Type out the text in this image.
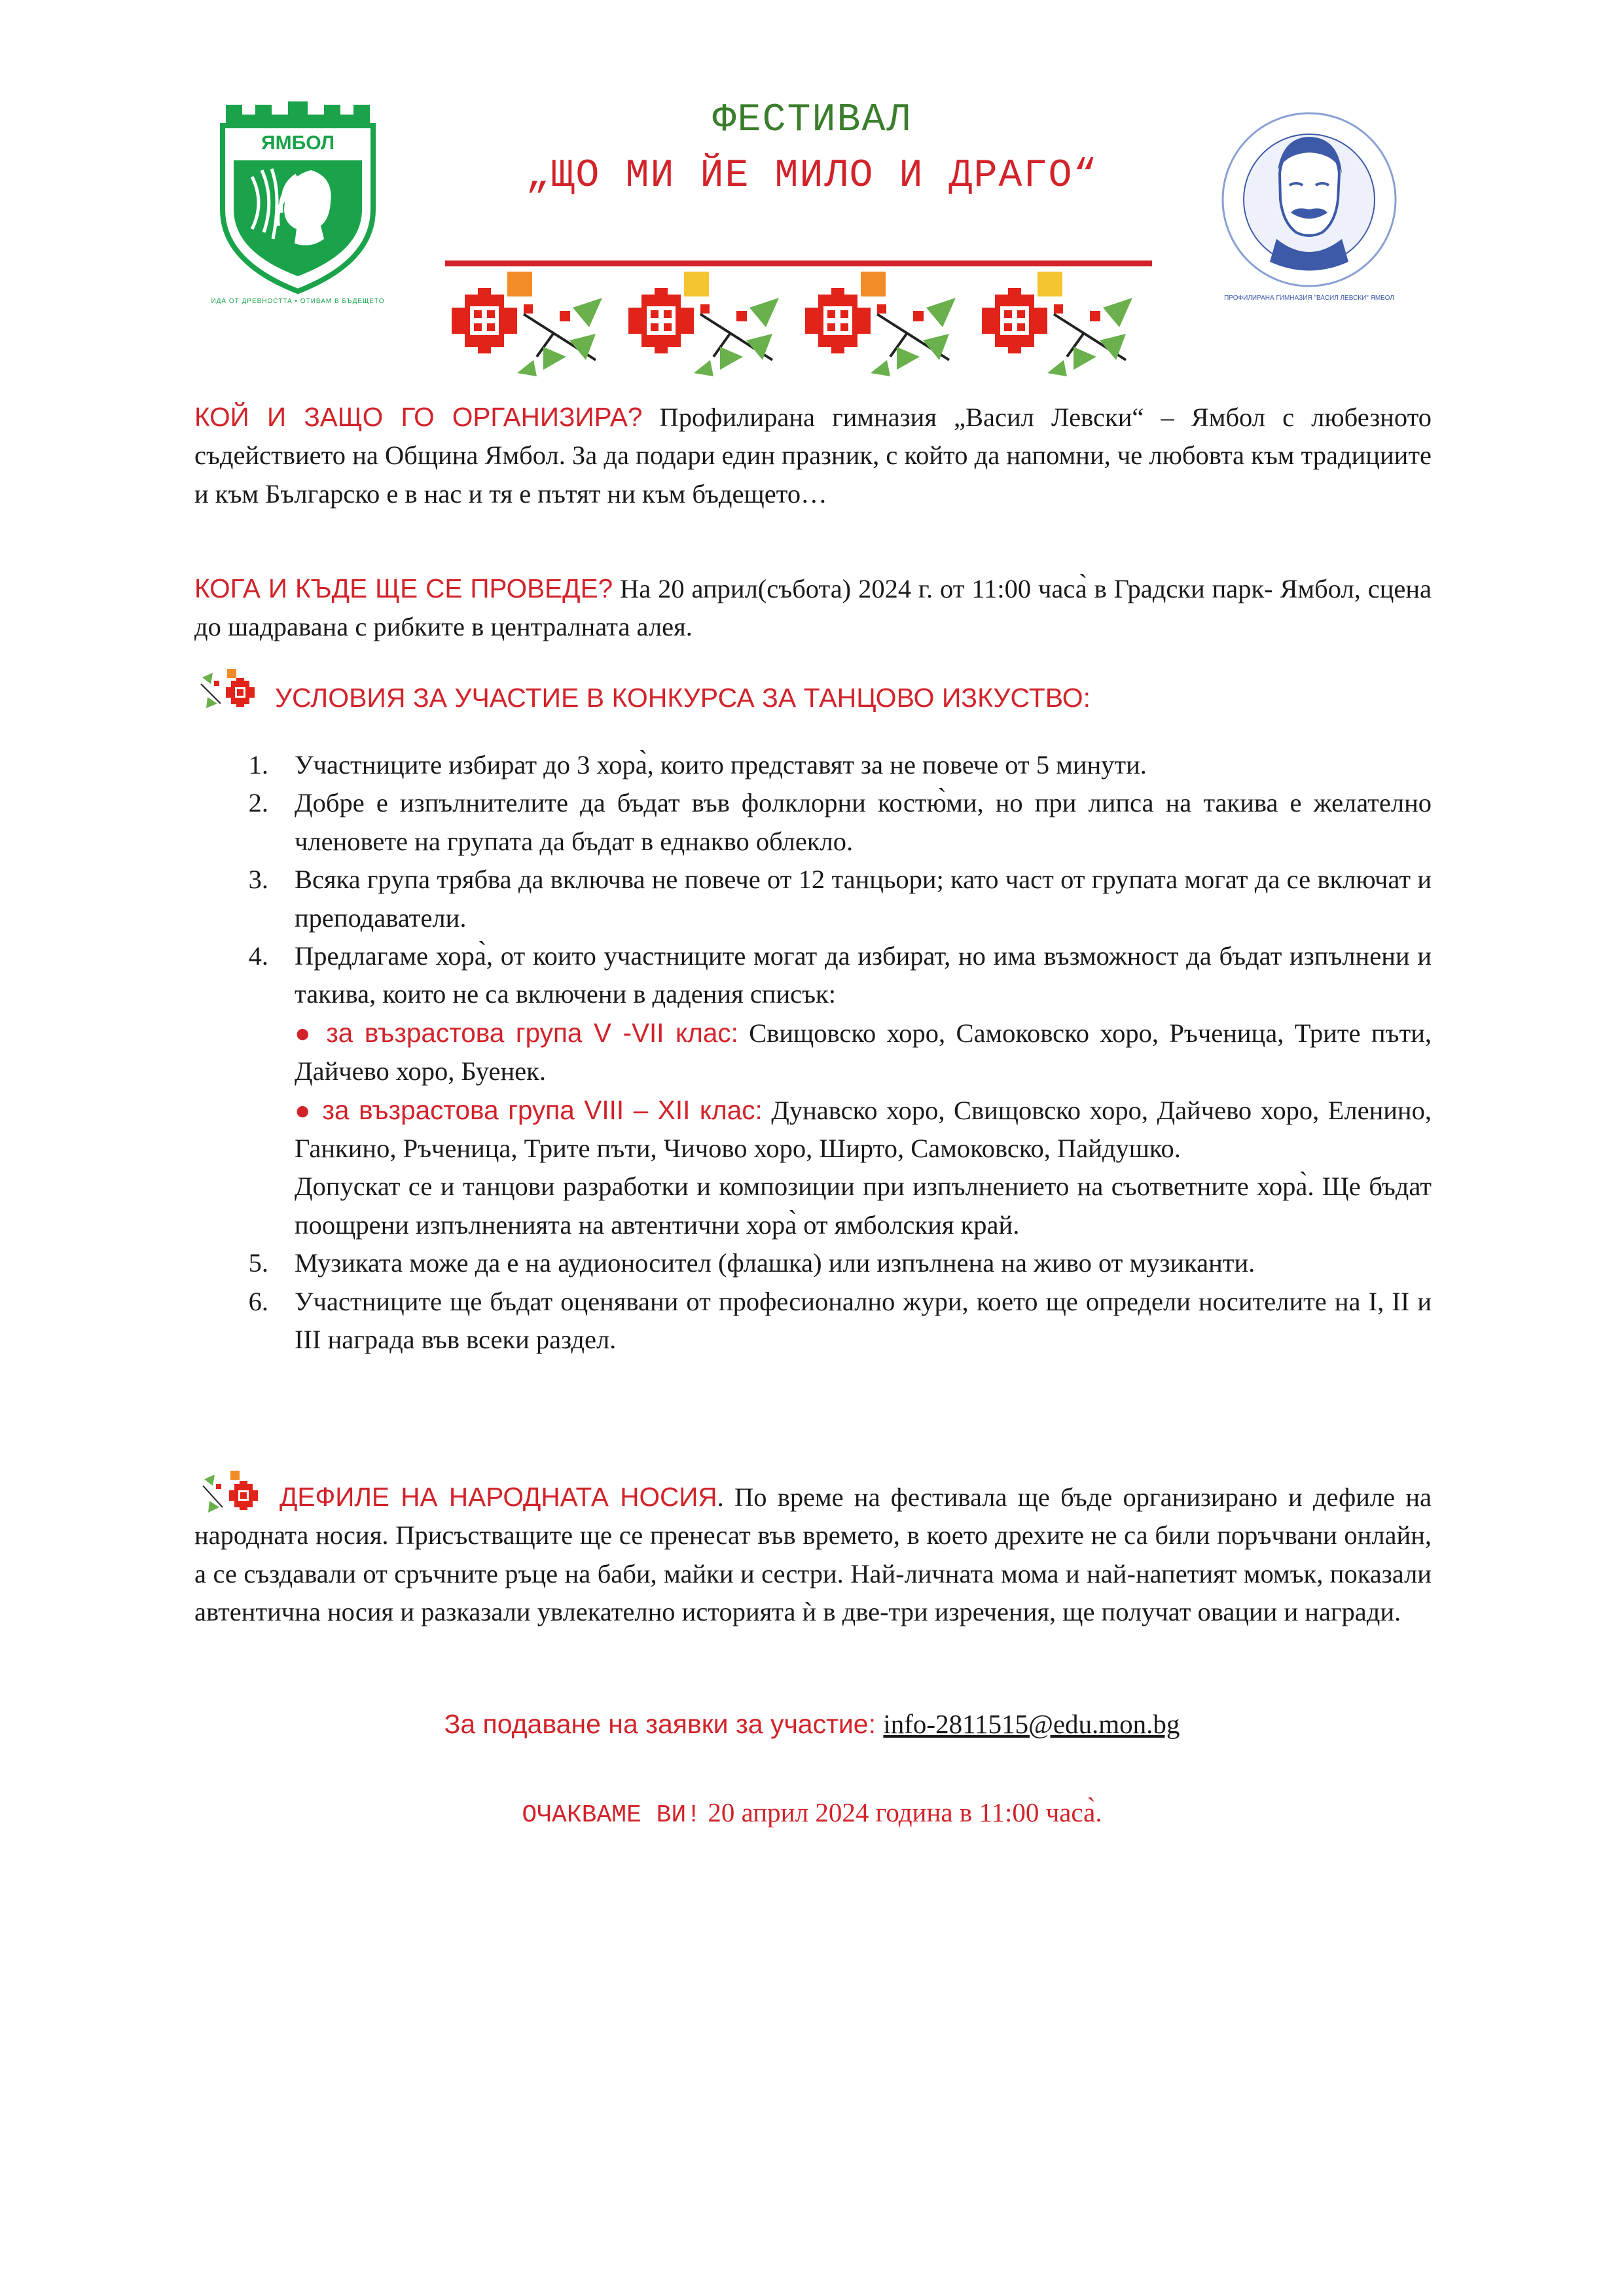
ЯМБОЛ
ИДА ОТ ДРЕВНОСТТА • ОТИВАМ В БЪДЕЩЕТО
ФЕСТИВАЛ
„ЩО МИ ЙЕ МИЛО И ДРАГО“
ПРОФИЛИРАНА ГИМНАЗИЯ "ВАСИЛ ЛЕВСКИ" ЯМБОЛ
КОЙ И ЗАЩО ГО ОРГАНИЗИРА? Профилирана гимназия „Васил Левски“ – Ямбол с любезното съдействието на Община Ямбол. За да подари един празник, с който да напомни, че любовта към традициите и към Българско е в нас и тя е пътят ни към бъдещето…
КОГА И КЪДЕ ЩЕ СЕ ПРОВЕДЕ? На 20 април(събота) 2024 г. от 11:00 часа̀ в Градски парк- Ямбол, сцена до шадравана с рибките в централната алея.
УСЛОВИЯ ЗА УЧАСТИЕ В КОНКУРСА ЗА ТАНЦОВО ИЗКУСТВО:
1. Участниците избират до 3 хора̀, които представят за не повече от 5 минути.
2. Добре е изпълнителите да бъдат във фолклорни костю̀ми, но при липса на такива е желателно членовете на групата да бъдат в еднакво облекло.
3. Всяка група трябва да включва не повече от 12 танцьори; като част от групата могат да се включат и преподаватели.
4. Предлагаме хора̀, от които участниците могат да избират, но има възможност да бъдат изпълнени и такива, които не са включени в дадения списък:
● за възрастова група V -VII клас: Свищовско хоро, Самоковско хоро, Ръченица, Трите пъти, Дайчево хоро, Буенек.
● за възрастова група VIII – XII клас: Дунавско хоро, Свищовско хоро, Дайчево хоро, Еленино, Ганкино, Ръченица, Трите пъти, Чичово хоро, Ширто, Самоковско, Пайдушко.
Допускат се и танцови разработки и композиции при изпълнението на съответните хора̀. Ще бъдат поощрени изпълненията на автентични хора̀ от ямболския край.
5. Музиката може да е на аудионосител (флашка) или изпълнена на живо от музиканти.
6. Участниците ще бъдат оценявани от професионално жури, което ще определи носителите на I, II и III награда във всеки раздел.
ДЕФИЛЕ НА НАРОДНАТА НОСИЯ. По време на фестивала ще бъде организирано и дефиле на народната носия. Присъстващите ще се пренесат във времето, в което дрехите не са били поръчвани онлайн, а се създавали от сръчните ръце на баби, майки и сестри. Най-личната мома и най-напетият момък, показали автентична носия и разказали увлекателно историята ѝ в две-три изречения, ще получат овации и награди.
За подаване на заявки за участие: info-2811515@edu.mon.bg
ОЧАКВАМЕ ВИ! 20 април 2024 година в 11:00 часа̀.
